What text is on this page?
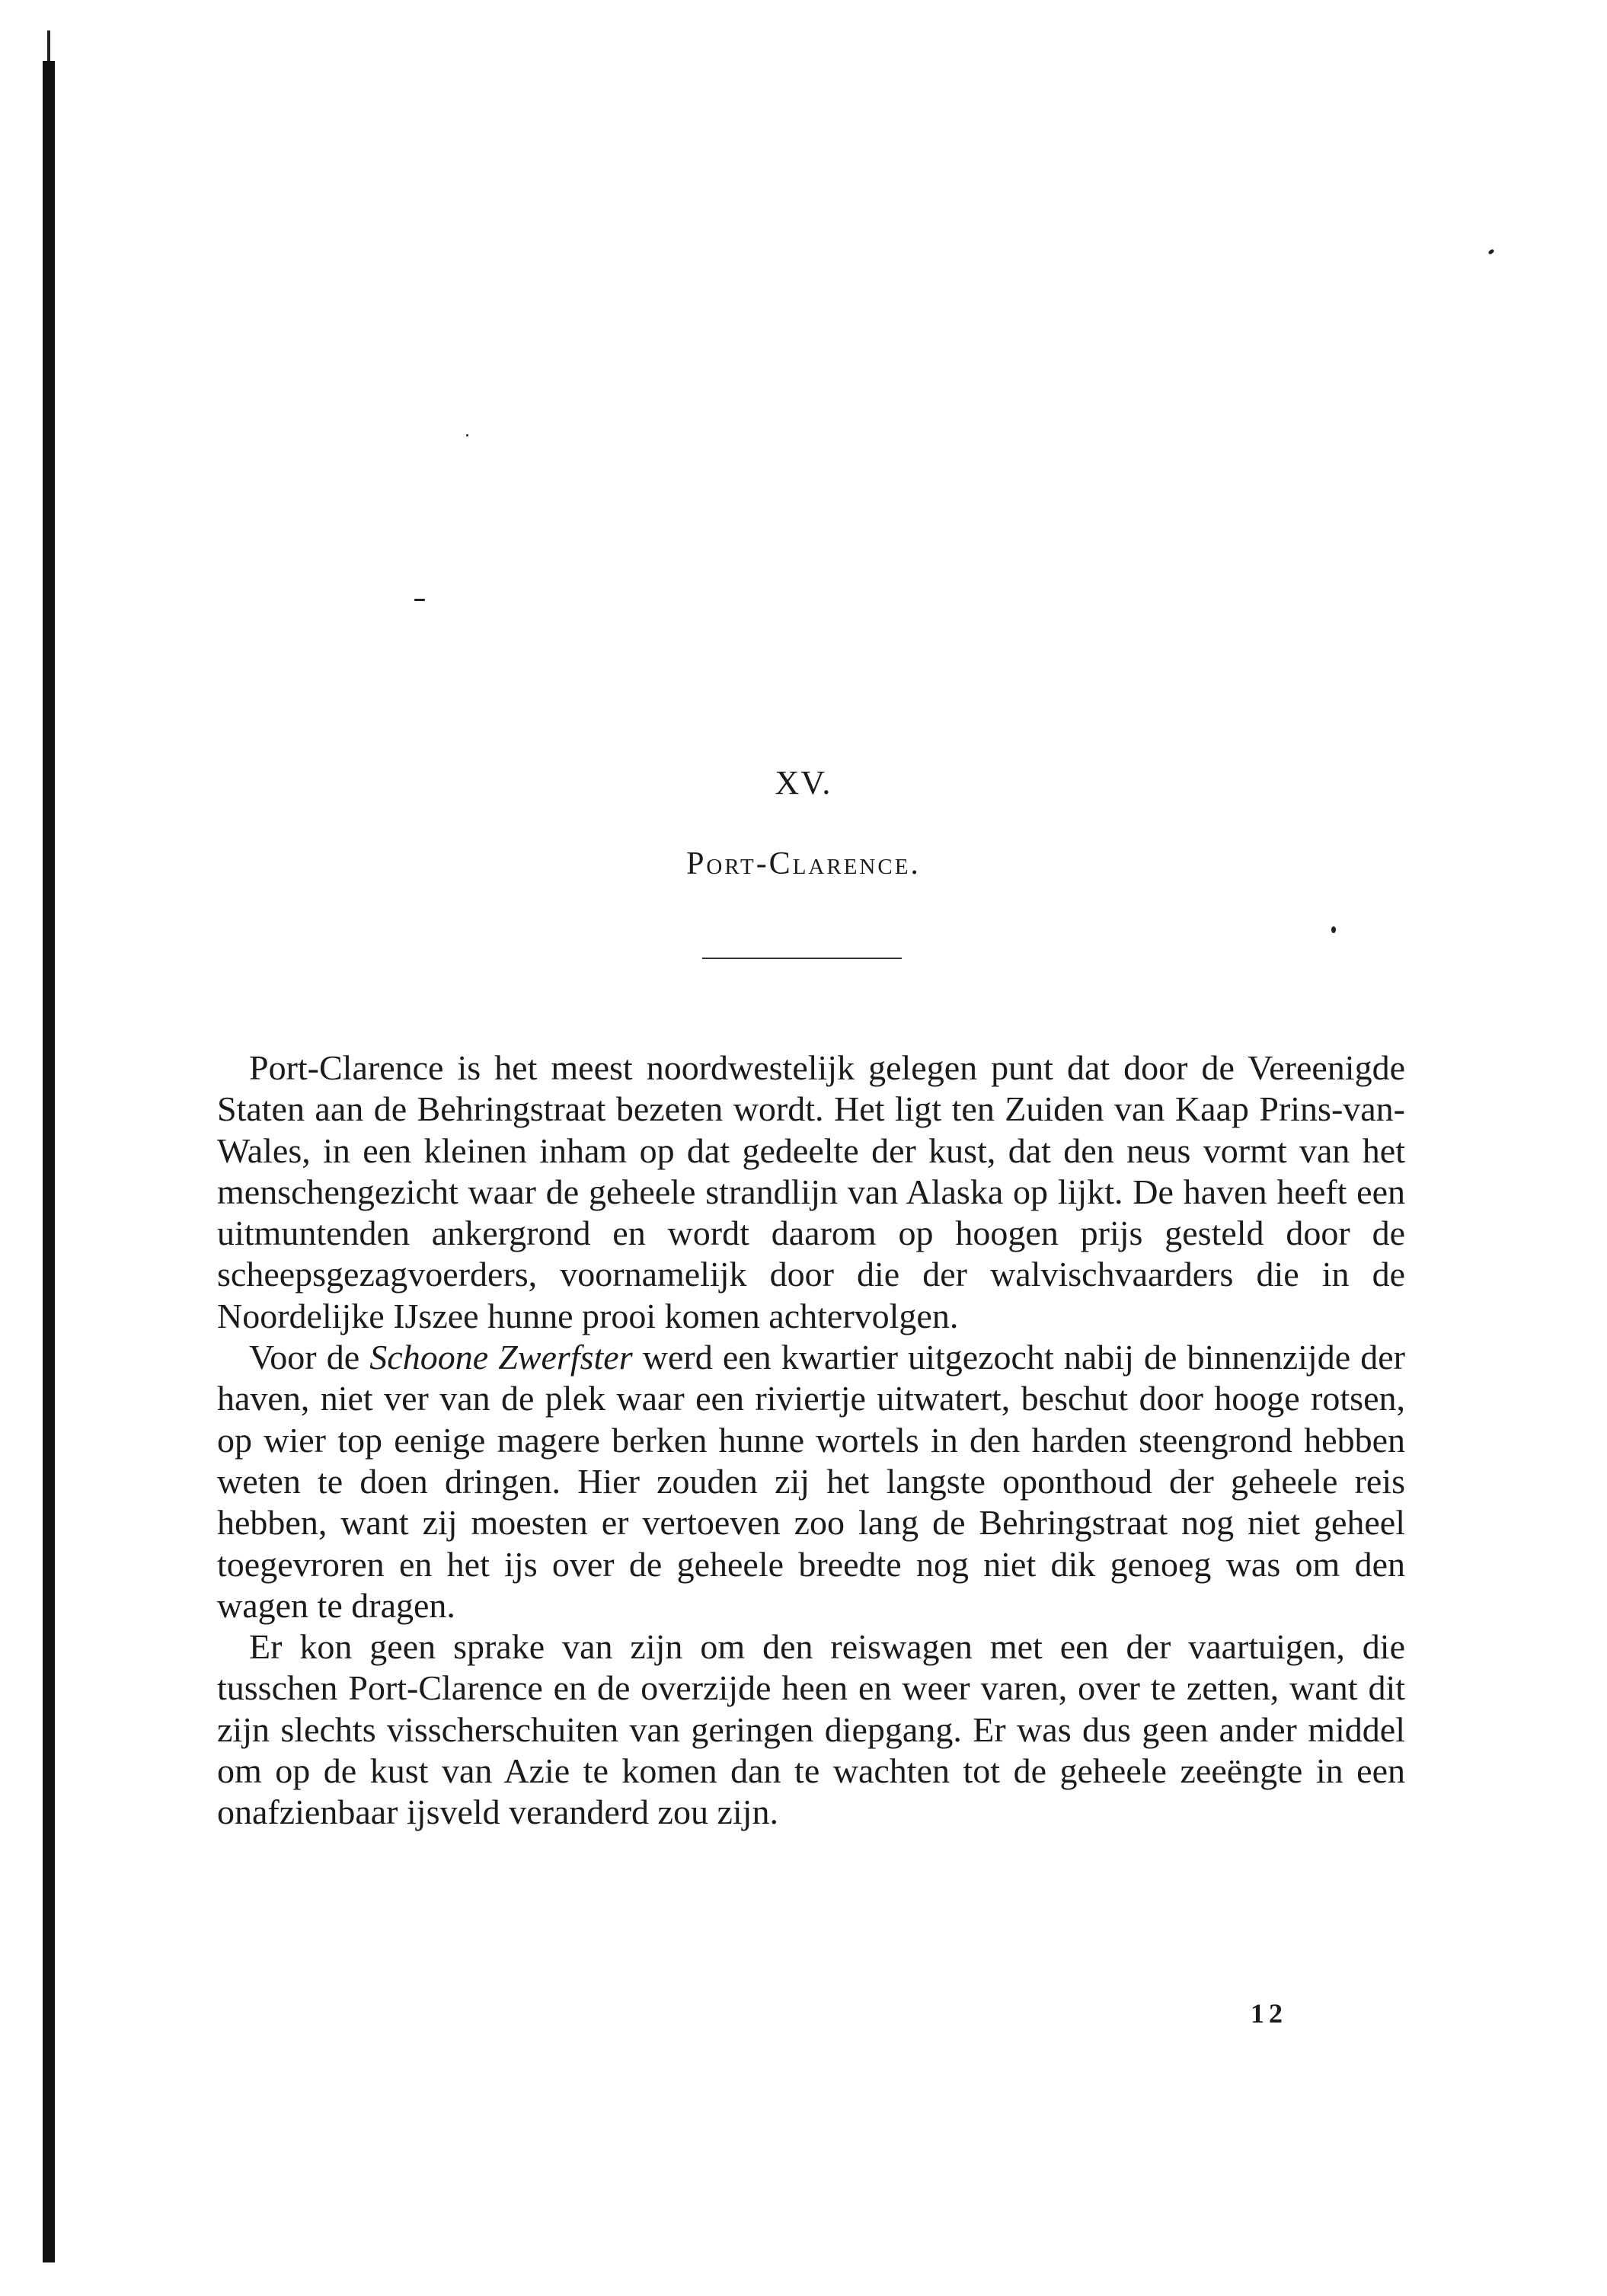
XV.
Port-Clarence.

Port-Clarence is het meest noordwestelijk gelegen punt dat door de Vereenigde Staten aan de Behringstraat bezeten wordt. Het ligt ten Zuiden van Kaap Prins-van-Wales, in een kleinen inham op dat gedeelte der kust, dat den neus vormt van het menschengezicht waar de geheele strandlijn van Alaska op lijkt. De haven heeft een uitmuntenden ankergrond en wordt daarom op hoogen prijs gesteld door de scheepsgezagvoerders, voornamelijk door die der walvischvaarders die in de Noordelijke IJszee hunne prooi komen achtervolgen.

Voor de Schoone Zwerfster werd een kwartier uitgezocht nabij de binnenzijde der haven, niet ver van de plek waar een riviertje uitwatert, beschut door hooge rotsen, op wier top eenige magere berken hunne wortels in den harden steengrond hebben weten te doen dringen. Hier zouden zij het langste oponthoud der geheele reis hebben, want zij moesten er vertoeven zoo lang de Behringstraat nog niet geheel toegevroren en het ijs over de geheele breedte nog niet dik genoeg was om den wagen te dragen.

Er kon geen sprake van zijn om den reiswagen met een der vaartuigen, die tusschen Port-Clarence en de overzijde heen en weer varen, over te zetten, want dit zijn slechts visscherschuiten van geringen diepgang. Er was dus geen ander middel om op de kust van Azie te komen dan te wachten tot de geheele zeeëngte in een onafzienbaar ijsveld veranderd zou zijn.

12
